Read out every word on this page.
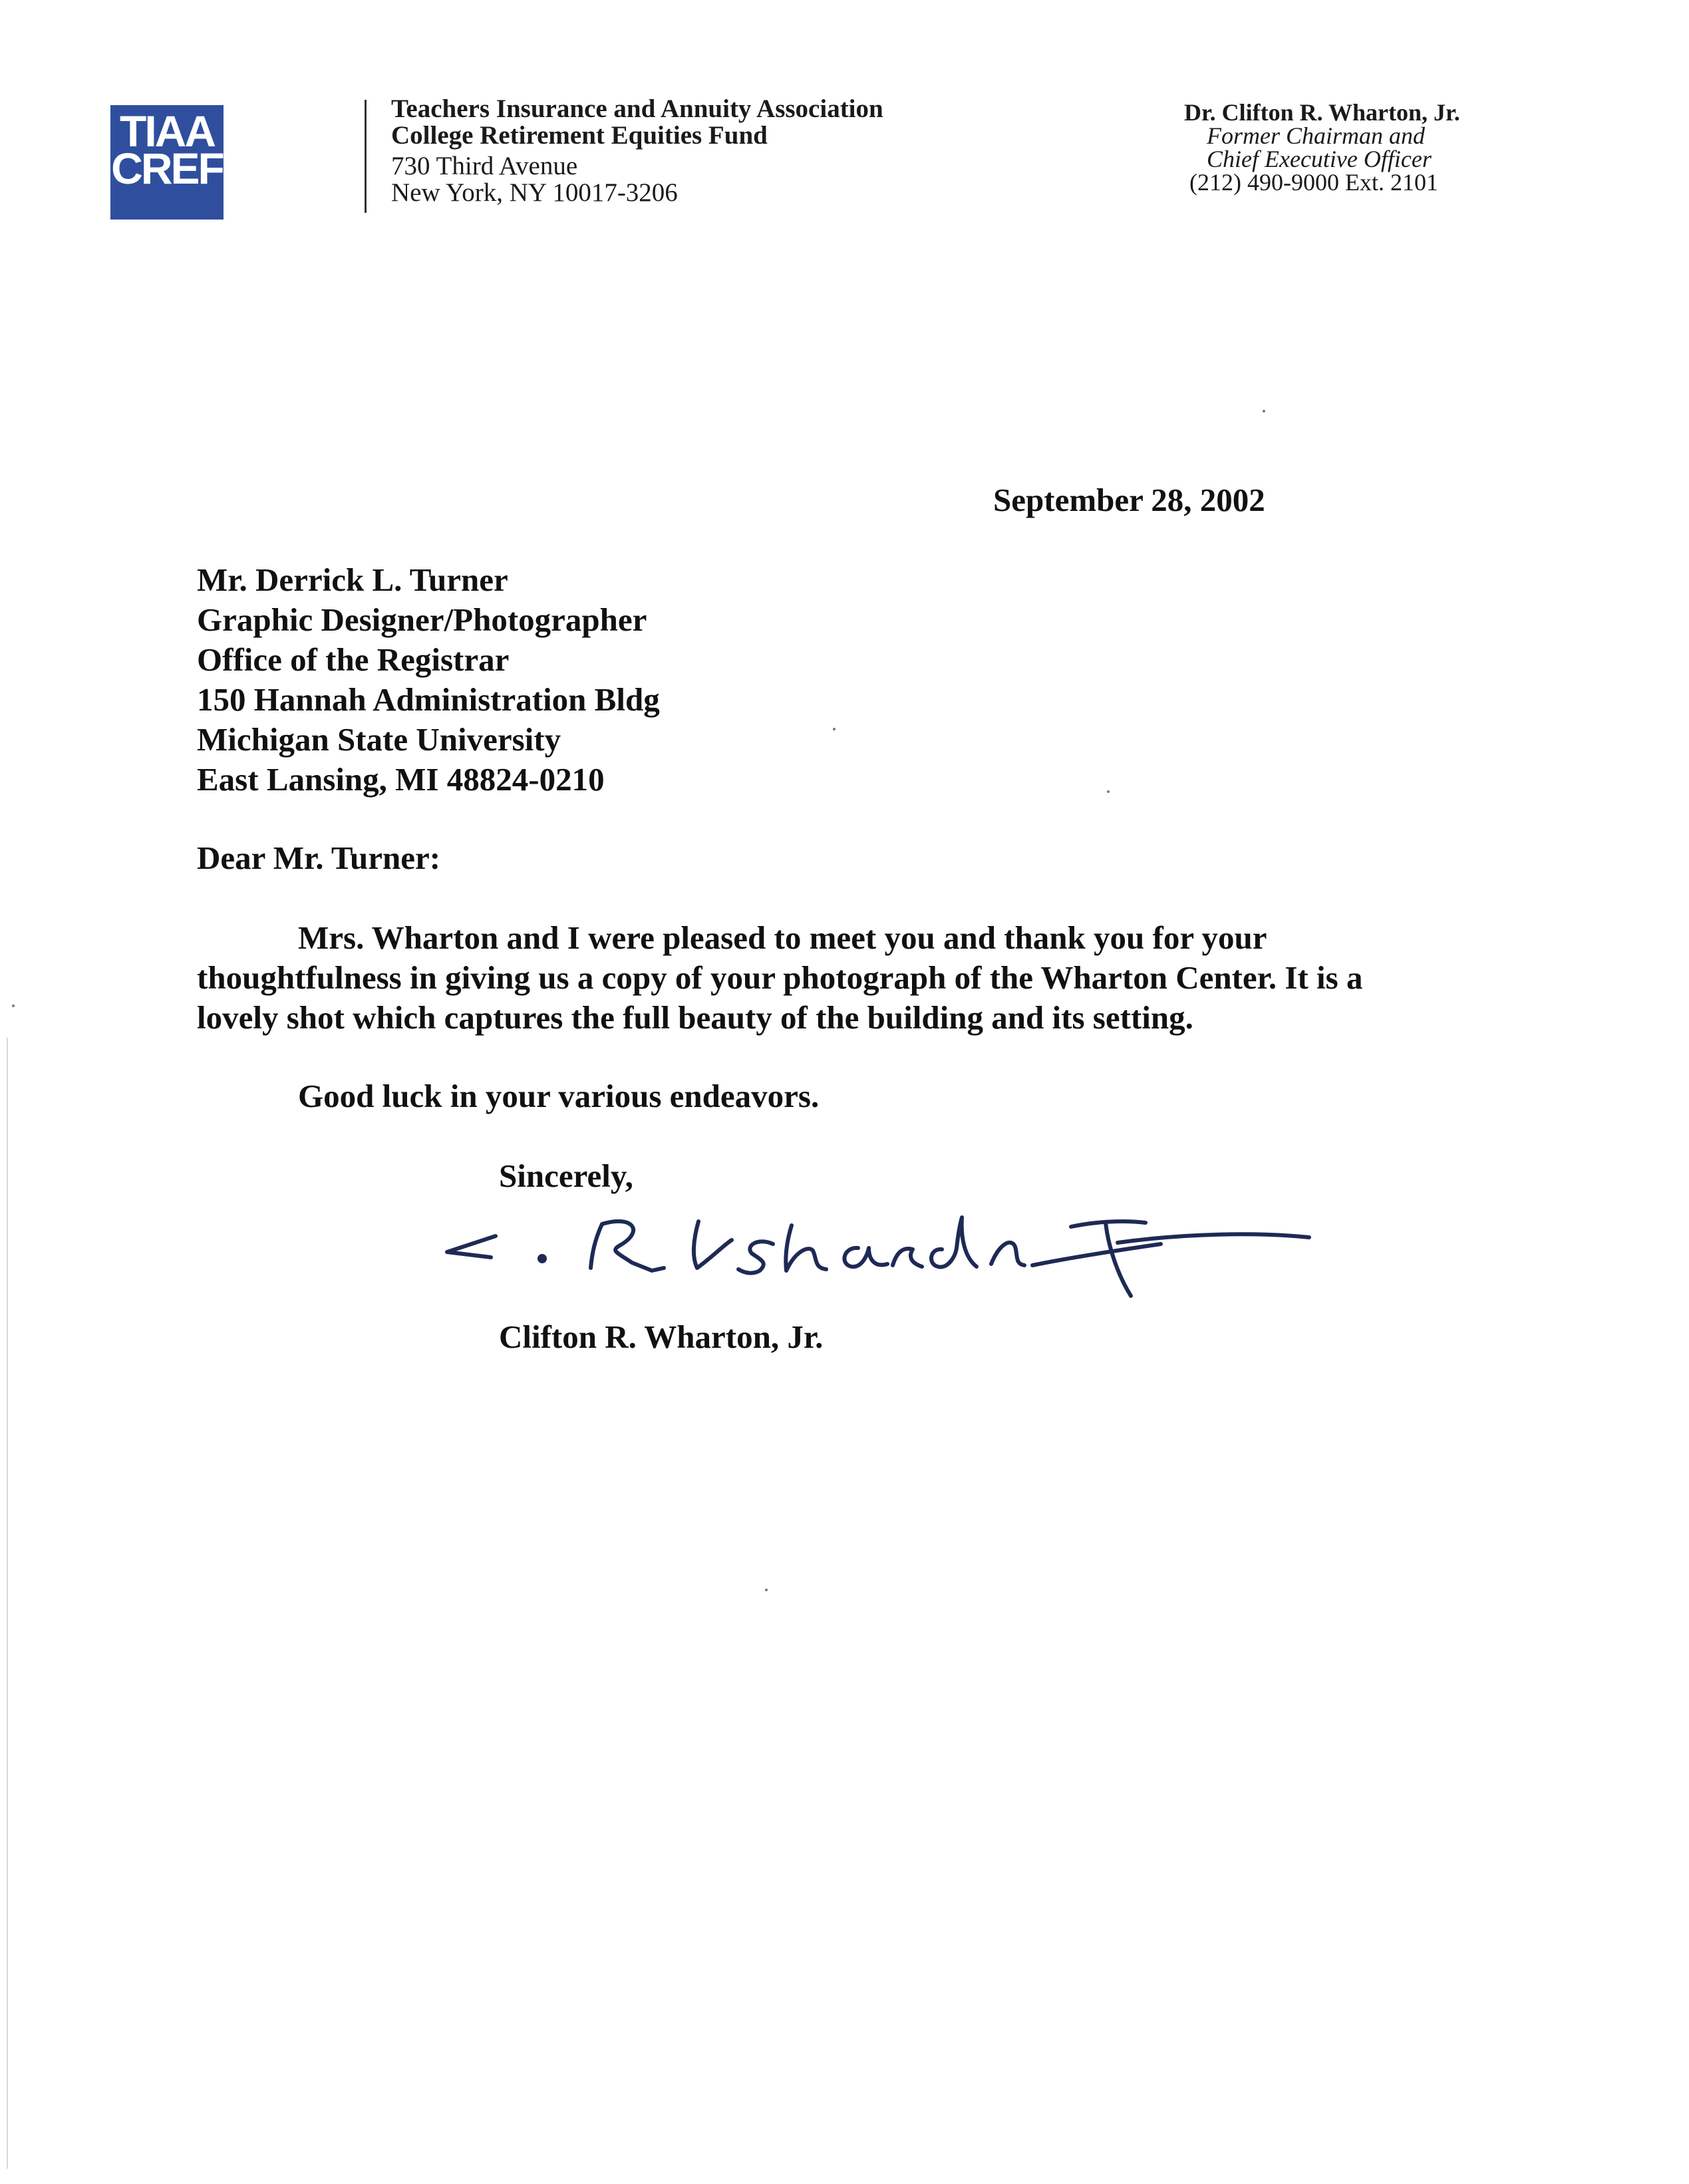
TIAA
CREF
Teachers Insurance and Annuity Association
College Retirement Equities Fund
730 Third Avenue
New York, NY 10017-3206
Dr. Clifton R. Wharton, Jr.
Former Chairman and
Chief Executive Officer
(212) 490-9000 Ext. 2101
September 28, 2002
Mr. Derrick L. Turner
Graphic Designer/Photographer
Office of the Registrar
150 Hannah Administration Bldg
Michigan State University
East Lansing, MI 48824-0210
Dear Mr. Turner:
Mrs. Wharton and I were pleased to meet you and thank you for your
thoughtfulness in giving us a copy of your photograph of the Wharton Center. It is a
lovely shot which captures the full beauty of the building and its setting.
Good luck in your various endeavors.
Sincerely,
Clifton R. Wharton, Jr.
